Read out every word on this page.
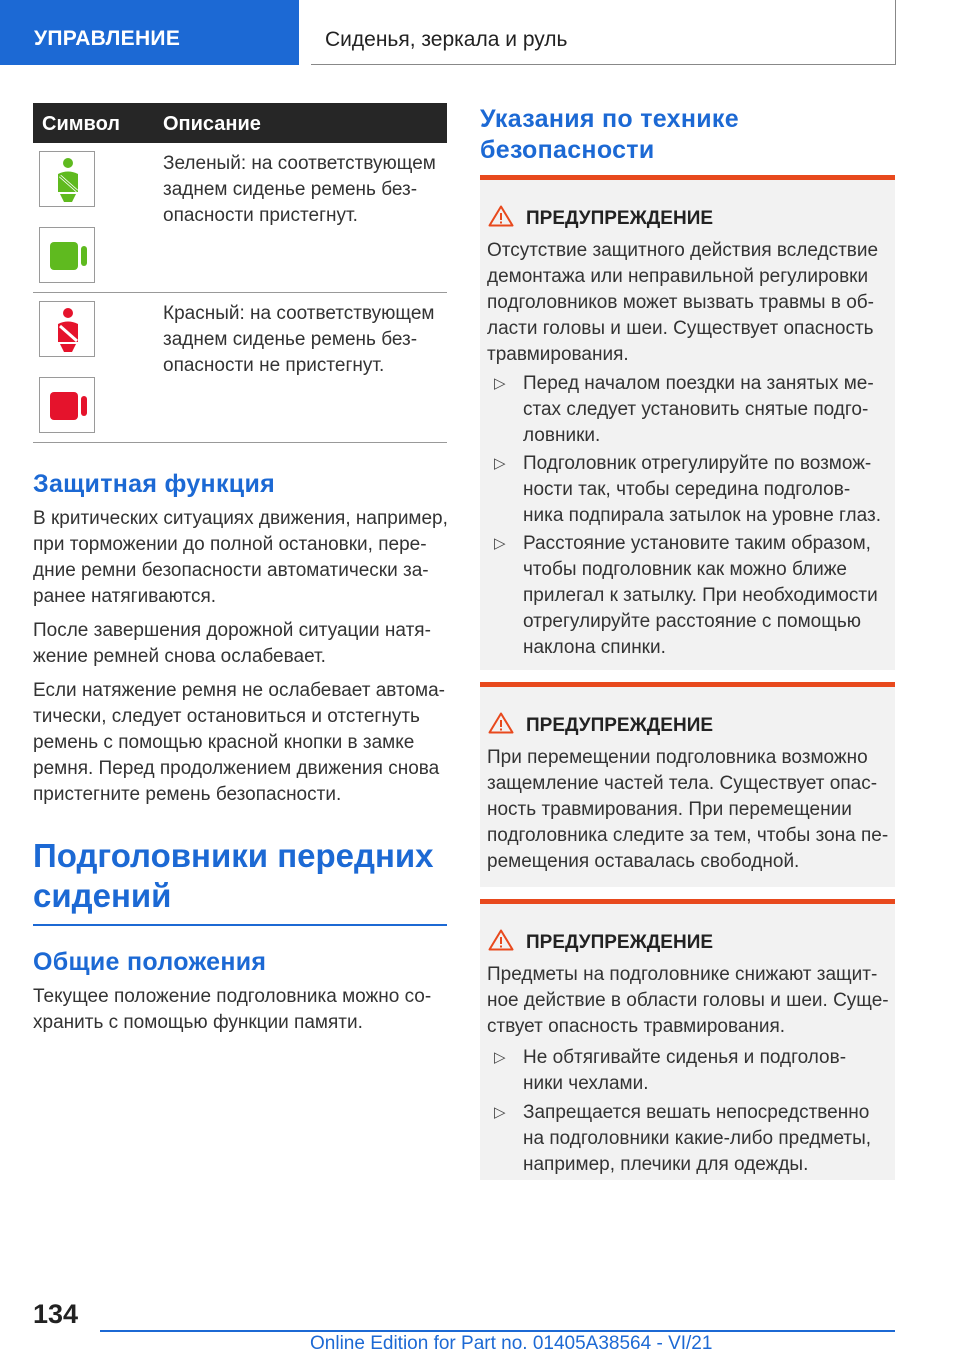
УПРАВЛЕНИЕ	Сиденья, зеркала и руль
Символ Описание
Зеленый: на соответствующем
заднем сиденье ремень без-
опасности пристегнут.
Красный: на соответствующем
заднем сиденье ремень без-
опасности не пристегнут.
Защитная функция
В критических ситуациях движения, например,
при торможении до полной остановки, пере-
дние ремни безопасности автоматически за-
ранее натягиваются.
После завершения дорожной ситуации натя-
жение ремней снова ослабевает.
Если натяжение ремня не ослабевает автома-
тически, следует остановиться и отстегнуть
ремень с помощью красной кнопки в замке
ремня. Перед продолжением движения снова
пристегните ремень безопасности.
Подголовники передних
сидений
Общие положения
Текущее положение подголовника можно со-
хранить с помощью функции памяти.
Указания по технике
безопасности
ПРЕДУПРЕЖДЕНИЕ
Отсутствие защитного действия вследствие
демонтажа или неправильной регулировки
подголовников может вызвать травмы в об-
ласти головы и шеи. Существует опасность
травмирования.
▷ Перед началом поездки на занятых ме-
стах следует установить снятые подго-
ловники.
▷ Подголовник отрегулируйте по возмож-
ности так, чтобы середина подголов-
ника подпирала затылок на уровне глаз.
▷ Расстояние установите таким образом,
чтобы подголовник как можно ближе
прилегал к затылку. При необходимости
отрегулируйте расстояние с помощью
наклона спинки.
ПРЕДУПРЕЖДЕНИЕ
При перемещении подголовника возможно
защемление частей тела. Существует опас-
ность травмирования. При перемещении
подголовника следите за тем, чтобы зона пе-
ремещения оставалась свободной.
ПРЕДУПРЕЖДЕНИЕ
Предметы на подголовнике снижают защит-
ное действие в области головы и шеи. Суще-
ствует опасность травмирования.
▷ Не обтягивайте сиденья и подголов-
ники чехлами.
▷ Запрещается вешать непосредственно
на подголовники какие-либо предметы,
например, плечики для одежды.
134
Online Edition for Part no. 01405A38564 - VI/21
